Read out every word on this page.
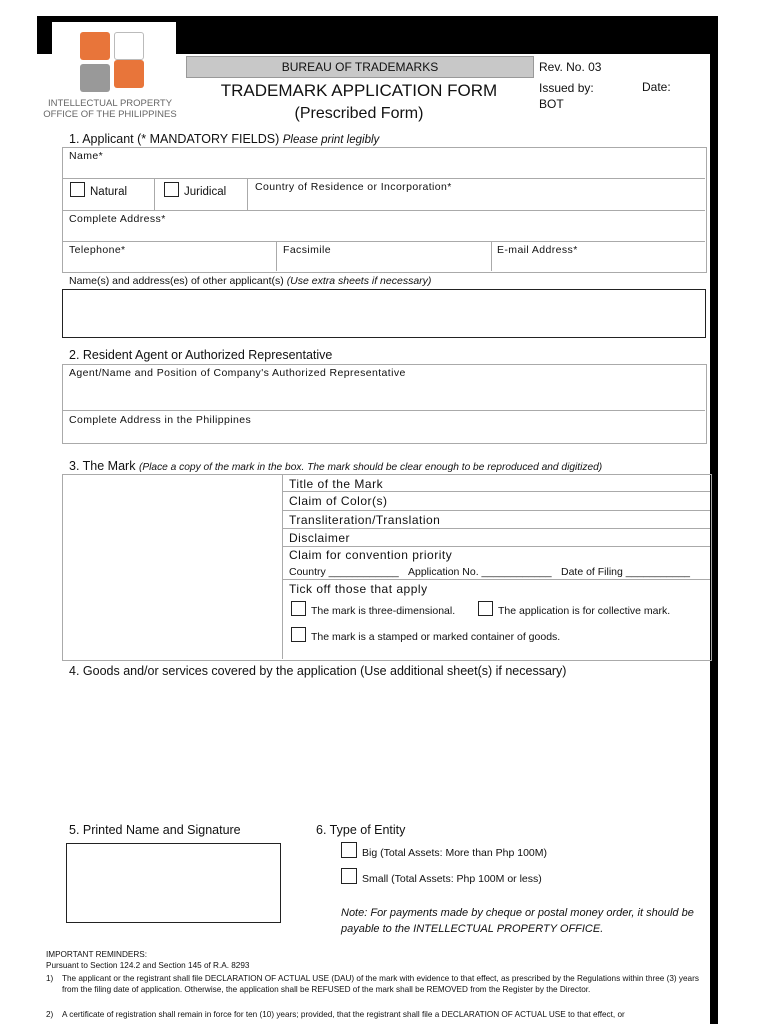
INTELLECTUAL PROPERTY OFFICE OF THE PHILIPPINES
BUREAU OF TRADEMARKS	Rev. No. 03
Issued by:
BOT
Date:
TRADEMARK APPLICATION FORM
(Prescribed Form)
1. Applicant (* MANDATORY FIELDS) Please print legibly
Name*
Natural	Juridical	Country of Residence or Incorporation*
Complete Address*
Telephone*	Facsimile	E-mail Address*
Name(s) and address(es) of other applicant(s) (Use extra sheets if necessary)
2. Resident Agent or Authorized Representative
Agent/Name and Position of Company's Authorized Representative
Complete Address in the Philippines
3. The Mark (Place a copy of the mark in the box. The mark should be clear enough to be reproduced and digitized)
Title of the Mark
Claim of Color(s)
Transliteration/Translation
Disclaimer
Claim for convention priority
Country ____________ Application No. ____________ Date of Filing ___________
Tick off those that apply
The mark is three-dimensional.	The application is for collective mark.
The mark is a stamped or marked container of goods.
4. Goods and/or services covered by the application (Use additional sheet(s) if necessary)
5. Printed Name and Signature	6. Type of Entity
Big (Total Assets: More than Php 100M)
Small (Total Assets: Php 100M or less)
Note: For payments made by cheque or postal money order, it should be payable to the INTELLECTUAL PROPERTY OFFICE.
IMPORTANT REMINDERS:
Pursuant to Section 124.2 and Section 145 of R.A. 8293
1) The applicant or the registrant shall file DECLARATION OF ACTUAL USE (DAU) of the mark with evidence to that effect, as prescribed by the Regulations within three (3) years from the filing date of application. Otherwise, the application shall be REFUSED of the mark shall be REMOVED from the Register by the Director.
2) A certificate of registration shall remain in force for ten (10) years; provided, that the registrant shall file a DECLARATION OF ACTUAL USE to that effect, or
